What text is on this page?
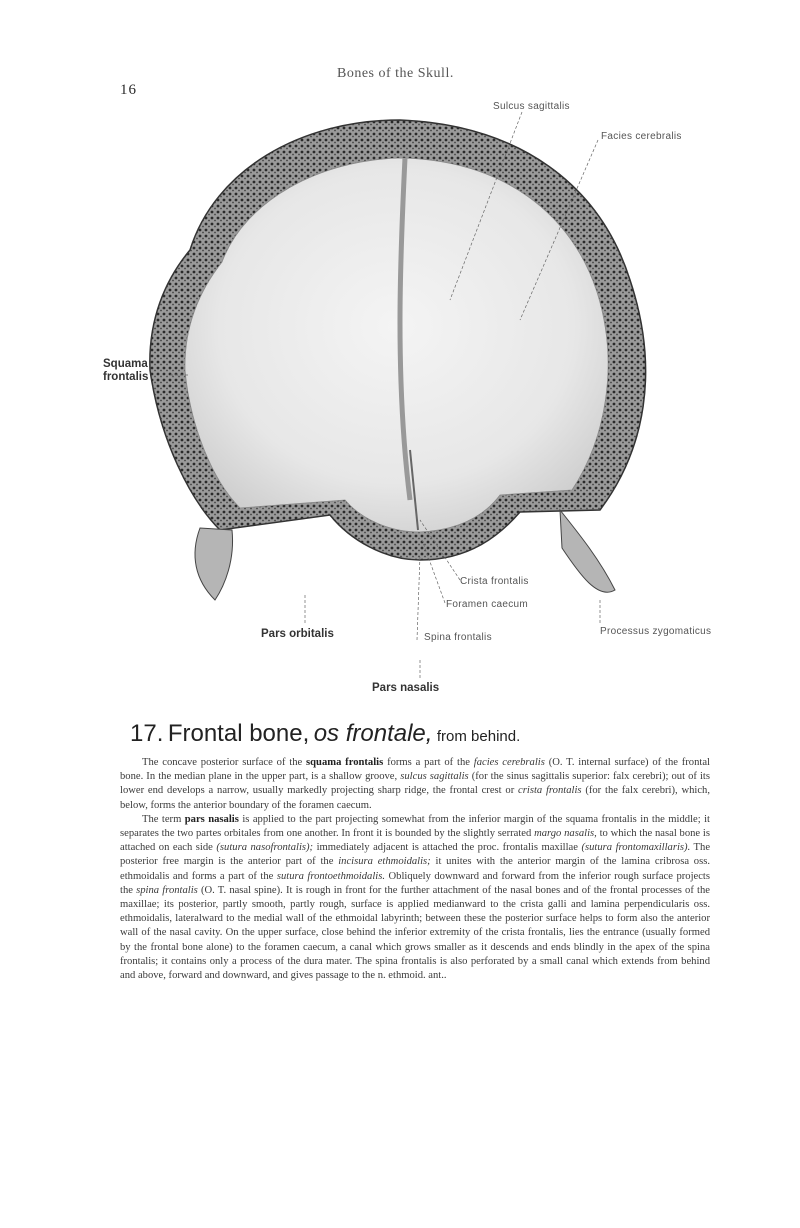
16
Bones of the Skull.
Sulcus sagittalis
Facies cerebralis
Squama frontalis
Crista frontalis
Foramen caecum
Processus zygomaticus
Pars orbitalis	Spina frontalis
Pars nasalis
17. Frontal bone, os frontale, from behind.

The concave posterior surface of the squama frontalis forms a part of the facies cerebralis (O. T. internal surface) of the frontal bone. In the median plane in the upper part, is a shallow groove, sulcus sagittalis (for the sinus sagittalis superior: falx cerebri); out of its lower end develops a narrow, usually markedly projecting sharp ridge, the frontal crest or crista frontalis (for the falx cerebri), which, below, forms the anterior boundary of the foramen caecum.

The term pars nasalis is applied to the part projecting somewhat from the inferior margin of the squama frontalis in the middle; it separates the two partes orbitales from one another. In front it is bounded by the slightly serrated margo nasalis, to which the nasal bone is attached on each side (sutura nasofrontalis); immediately adjacent is attached the proc. frontalis maxillae (sutura frontomaxillaris). The posterior free margin is the anterior part of the incisura ethmoidalis; it unites with the anterior margin of the lamina cribrosa oss. ethmoidalis and forms a part of the sutura frontoethmoidalis. Obliquely downward and forward from the inferior rough surface projects the spina frontalis (O. T. nasal spine). It is rough in front for the further attachment of the nasal bones and of the frontal processes of the maxillae; its posterior, partly smooth, partly rough, surface is applied medianward to the crista galli and lamina perpendicularis oss. ethmoidalis, lateralward to the medial wall of the ethmoidal labyrinth; between these the posterior surface helps to form also the anterior wall of the nasal cavity. On the upper surface, close behind the inferior extremity of the crista frontalis, lies the entrance (usually formed by the frontal bone alone) to the foramen caecum, a canal which grows smaller as it descends and ends blindly in the apex of the spina frontalis; it contains only a process of the dura mater. The spina frontalis is also perforated by a small canal which extends from behind and above, forward and downward, and gives passage to the n. ethmoid. ant..
